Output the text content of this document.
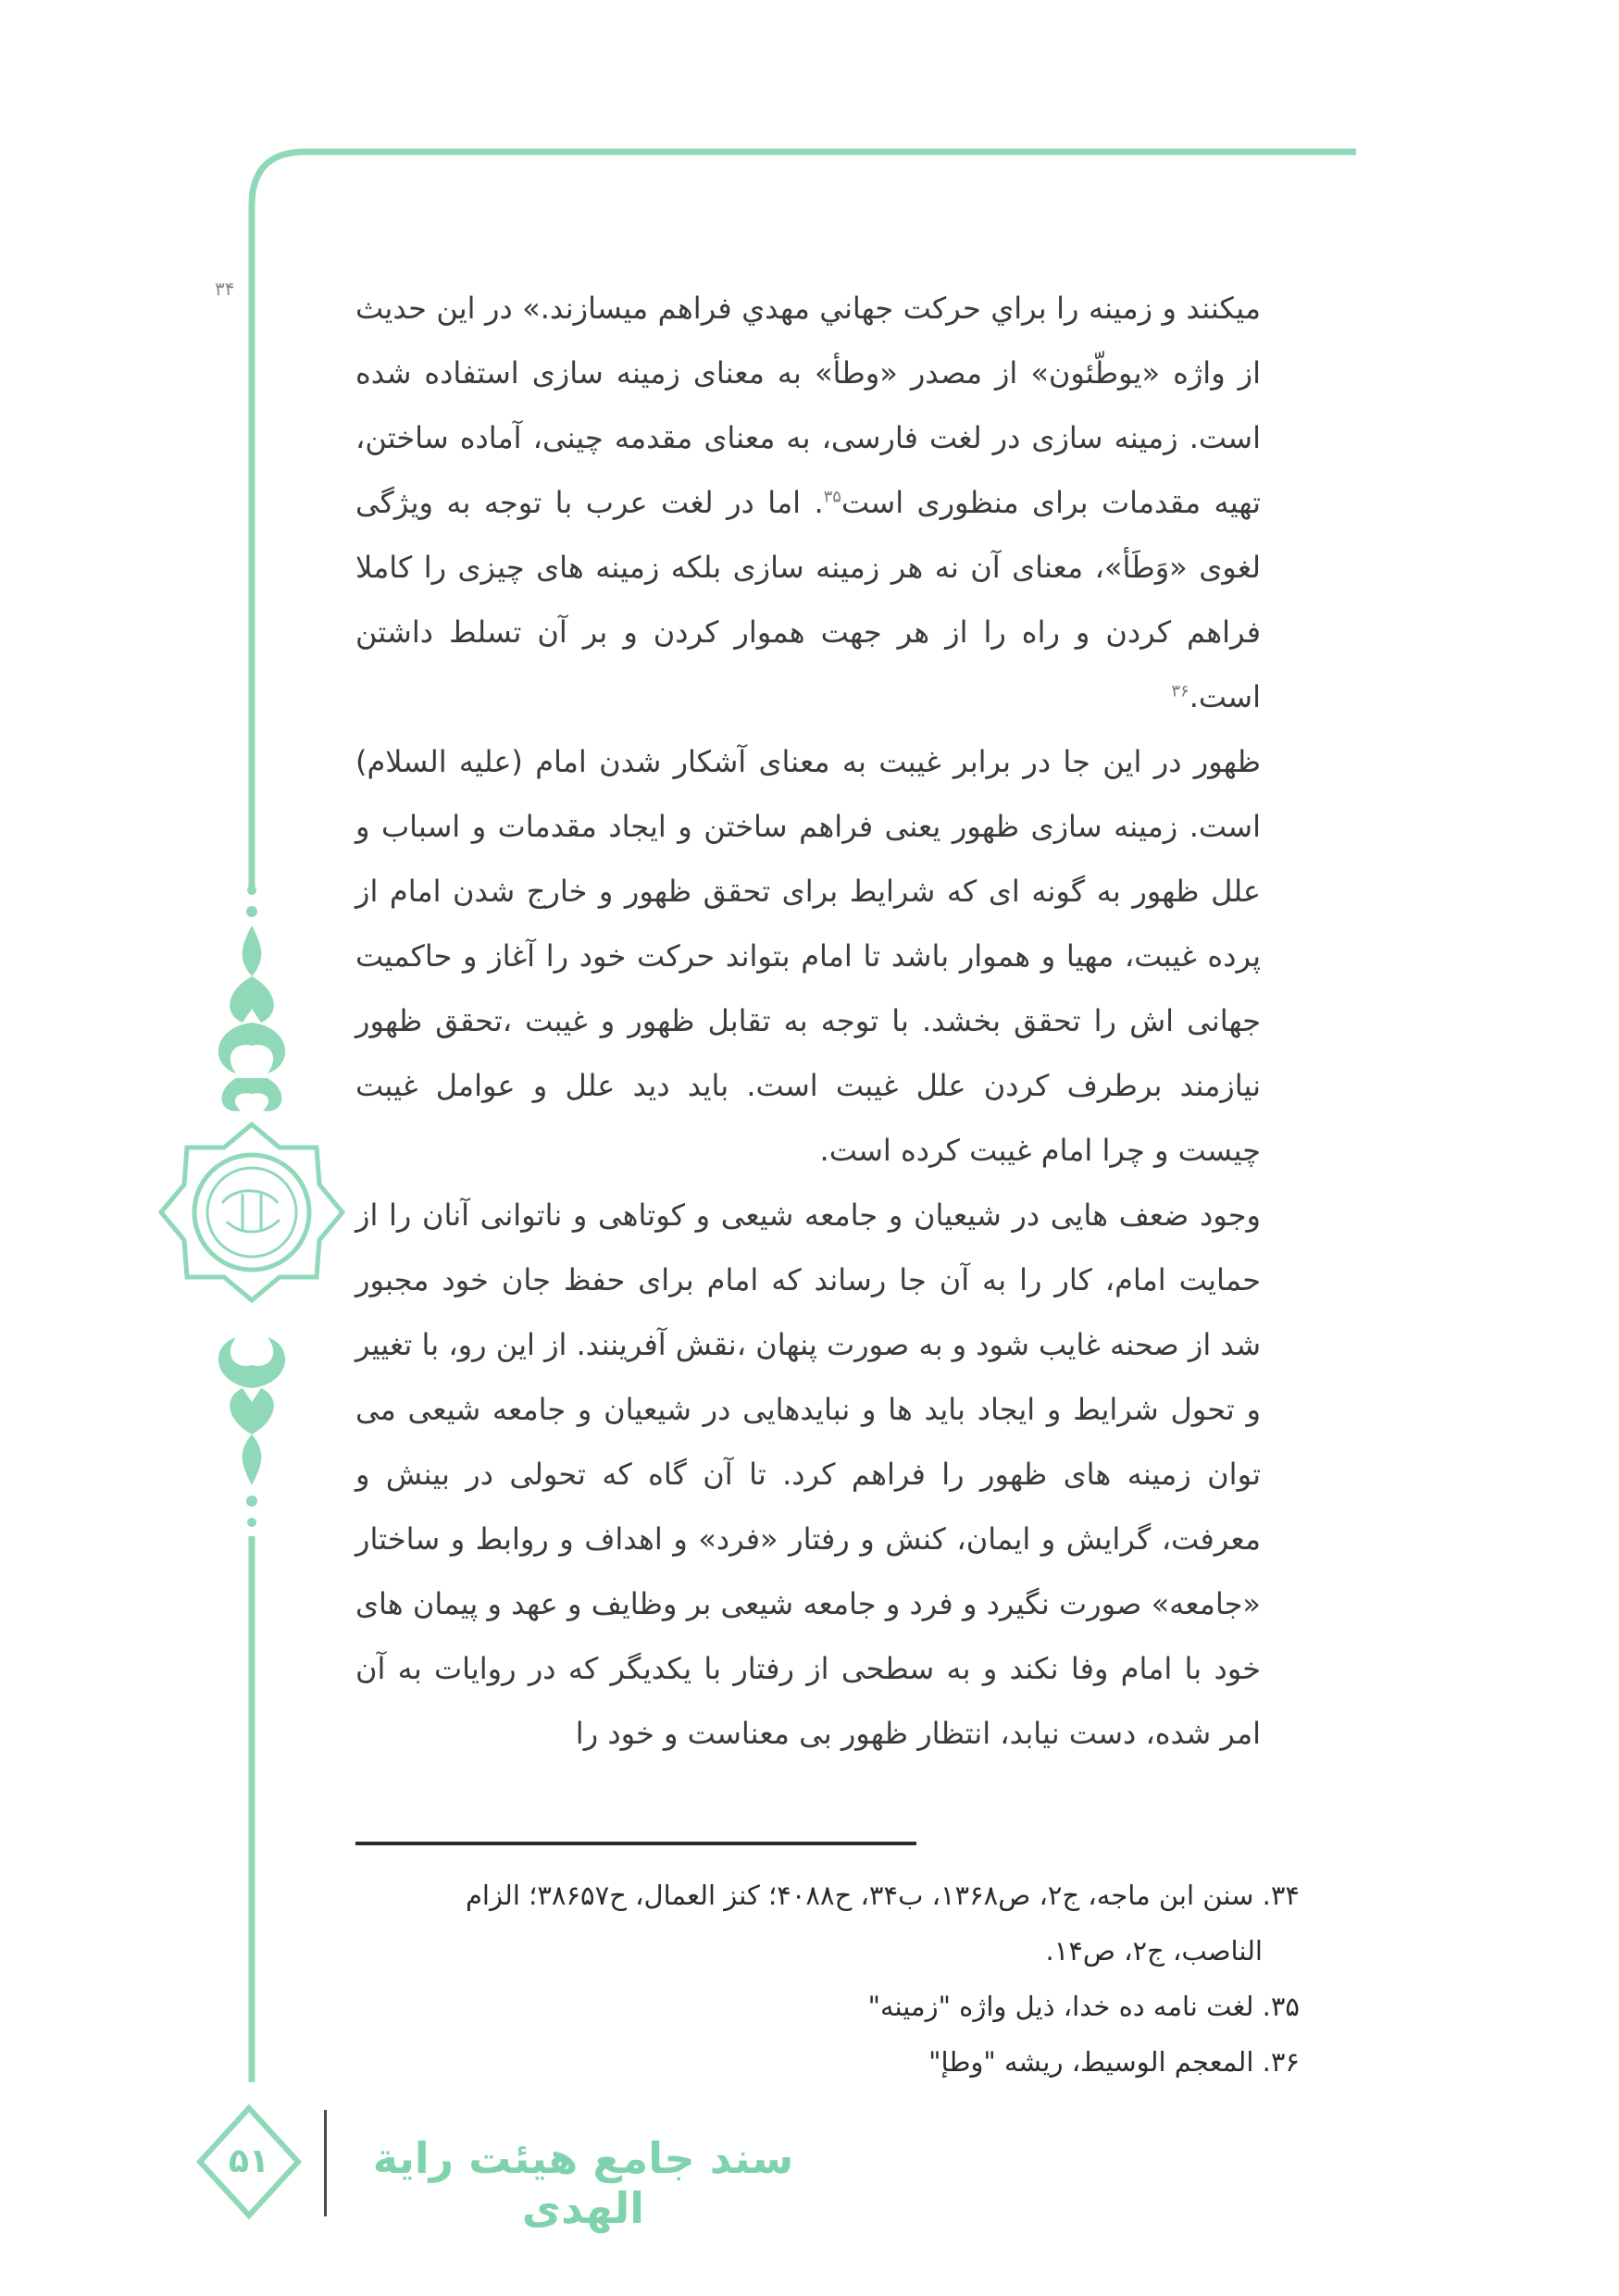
۳۴

میکنند و زمینه را براي حرکت جهاني مهدي فراهم میسازند.» در این حدیث از واژه «یوطّئون» از مصدر «وطأ» به معنای زمینه سازی استفاده شده است. زمینه سازی در لغت فارسی، به معنای مقدمه چینی، آماده ساختن، تهیه مقدمات برای منظوری است$^{۳۵}$. اما در لغت عرب با توجه به ویژگی لغوی «وَطَأ»، معنای آن نه هر زمینه سازی بلکه زمینه های چیزی را کاملا فراهم کردن و راه را از هر جهت هموار کردن و بر آن تسلط داشتن است.$^{۳۶}$

ظهور در این جا در برابر غیبت به معنای آشکار شدن امام (علیه السلام) است. زمینه سازی ظهور یعنی فراهم ساختن و ایجاد مقدمات و اسباب و علل ظهور به گونه ای که شرایط برای تحقق ظهور و خارج شدن امام از پرده غیبت، مهیا و هموار باشد تا امام بتواند حرکت خود را آغاز و حاکمیت جهانی اش را تحقق بخشد. با توجه به تقابل ظهور و غیبت ،تحقق ظهور نیازمند برطرف کردن علل غیبت است. باید دید علل و عوامل غیبت چیست و چرا امام غیبت کرده است.

وجود ضعف هایی در شیعیان و جامعه شیعی و کوتاهی و ناتوانی آنان را از حمایت امام، کار را به آن جا رساند که امام برای حفظ جان خود مجبور شد از صحنه غایب شود و به صورت پنهان ،نقش آفرینند. از این رو، با تغییر و تحول شرایط و ایجاد باید ها و نبایدهایی در شیعیان و جامعه شیعی می توان زمینه های ظهور را فراهم کرد. تا آن گاه که تحولی در بینش و معرفت، گرایش و ایمان، کنش و رفتار «فرد» و اهداف و روابط و ساختار «جامعه» صورت نگیرد و فرد و جامعه شیعی بر وظایف و عهد و پیمان های خود با امام وفا نکند و به سطحی از رفتار با یکدیگر که در روایات به آن امر شده، دست نیابد، انتظار ظهور بی معناست و خود را

۳۴. سنن ابن ماجه، ج۲، ص۱۳۶۸، ب۳۴، ح۴۰۸۸؛ کنز العمال، ح۳۸۶۵۷؛ الزام
الناصب، ج۲، ص۱۴.
۳۵. لغت نامه ده خدا، ذیل واژه "زمینه"
۳۶. المعجم الوسیط، ریشه "وطإ"
۵۱	سند جامع هیئت رایة الهدی
